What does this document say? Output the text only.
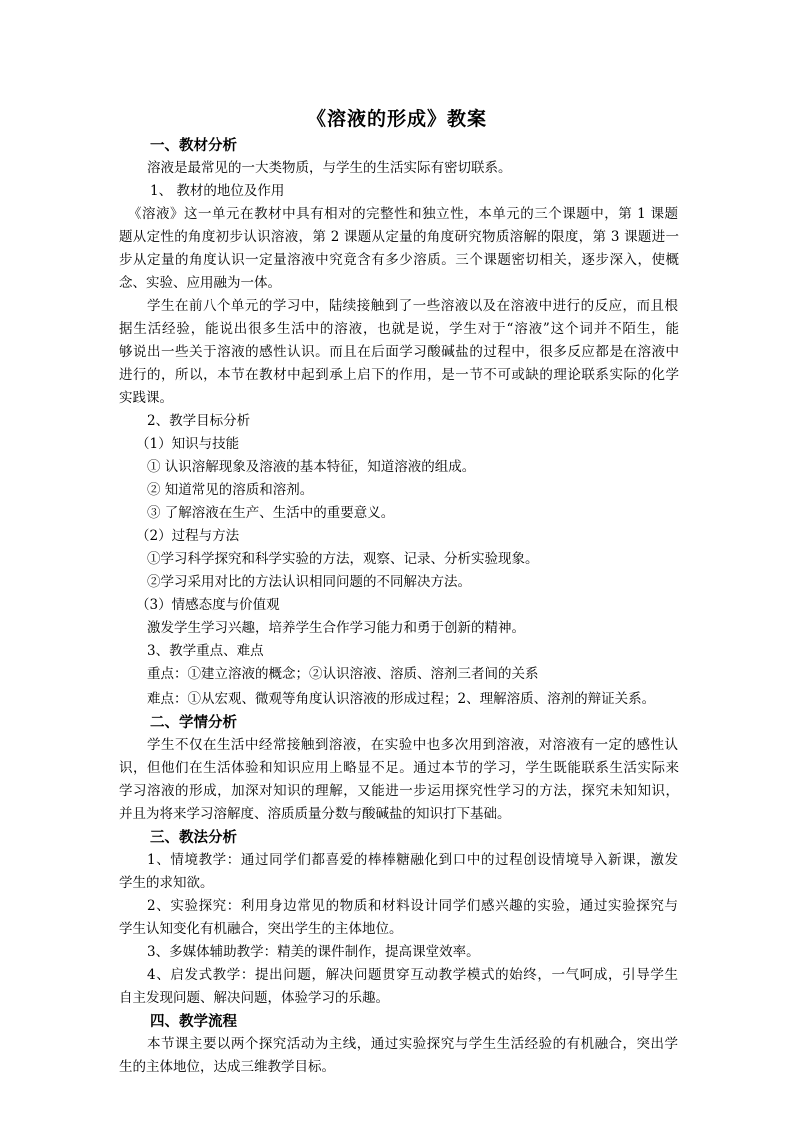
《溶液的形成》教案
一、教材分析
溶液是最常见的一大类物质，与学生的生活实际有密切联系。
1、 教材的地位及作用
《溶液》这一单元在教材中具有相对的完整性和独立性，本单元的三个课题中，第 1 课题
题从定性的角度初步认识溶液，第 2 课题从定量的角度研究物质溶解的限度，第 3 课题进一
步从定量的角度认识一定量溶液中究竟含有多少溶质。三个课题密切相关，逐步深入，使概
念、实验、应用融为一体。
学生在前八个单元的学习中，陆续接触到了一些溶液以及在溶液中进行的反应，而且根
据生活经验，能说出很多生活中的溶液，也就是说，学生对于“溶液”这个词并不陌生，能
够说出一些关于溶液的感性认识。而且在后面学习酸碱盐的过程中，很多反应都是在溶液中
进行的，所以，本节在教材中起到承上启下的作用，是一节不可或缺的理论联系实际的化学
实践课。
2、教学目标分析
（1）知识与技能
① 认识溶解现象及溶液的基本特征，知道溶液的组成。
② 知道常见的溶质和溶剂。
③ 了解溶液在生产、生活中的重要意义。
（2）过程与方法
①学习科学探究和科学实验的方法，观察、记录、分析实验现象。
②学习采用对比的方法认识相同问题的不同解决方法。
（3）情感态度与价值观
激发学生学习兴趣，培养学生合作学习能力和勇于创新的精神。
3、教学重点、难点
重点：①建立溶液的概念；②认识溶液、溶质、溶剂三者间的关系
难点：①从宏观、微观等角度认识溶液的形成过程；2、理解溶质、溶剂的辩证关系。
二、学情分析
学生不仅在生活中经常接触到溶液，在实验中也多次用到溶液，对溶液有一定的感性认
识，但他们在生活体验和知识应用上略显不足。通过本节的学习，学生既能联系生活实际来
学习溶液的形成，加深对知识的理解，又能进一步运用探究性学习的方法，探究未知知识，
并且为将来学习溶解度、溶质质量分数与酸碱盐的知识打下基础。
三、教法分析
1、情境教学：通过同学们都喜爱的棒棒糖融化到口中的过程创设情境导入新课，激发
学生的求知欲。
2、实验探究：利用身边常见的物质和材料设计同学们感兴趣的实验，通过实验探究与
学生认知变化有机融合，突出学生的主体地位。
3、多媒体辅助教学：精美的课件制作，提高课堂效率。
4、启发式教学：提出问题，解决问题贯穿互动教学模式的始终，一气呵成，引导学生
自主发现问题、解决问题，体验学习的乐趣。
四、教学流程
本节课主要以两个探究活动为主线，通过实验探究与学生生活经验的有机融合，突出学
生的主体地位，达成三维教学目标。
